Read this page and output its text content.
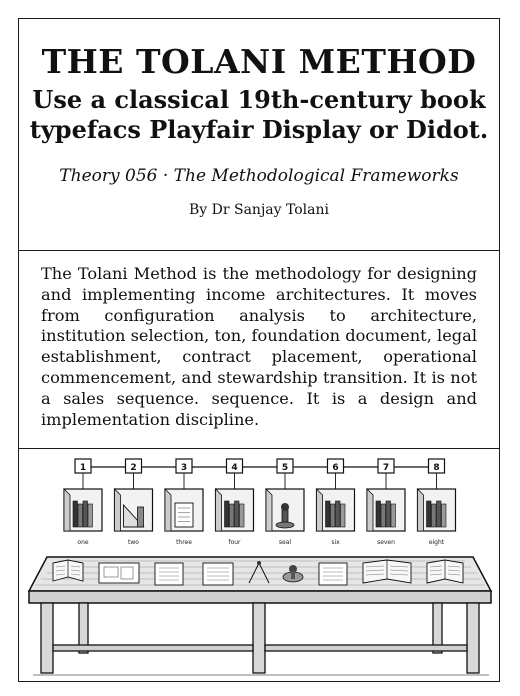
THE TOLANI METHOD
Use a classical 19th-century book
typefacs Playfair Display or Didot.
Theory 056 · The Methodological Frameworks
By Dr Sanjay Tolani

The Tolani Method is the methodology for designing and implementing income architectures. It moves from configuration analysis to architecture, institution selection, ton, foundation document, legal establishment, contract placement, operational commencement, and stewardship transition. It is not a sales sequence. sequence. It is a design and implementation discipline.

1
one
2
two
3
three
4
four
5
seal
6
six
7
seven
8
eight
